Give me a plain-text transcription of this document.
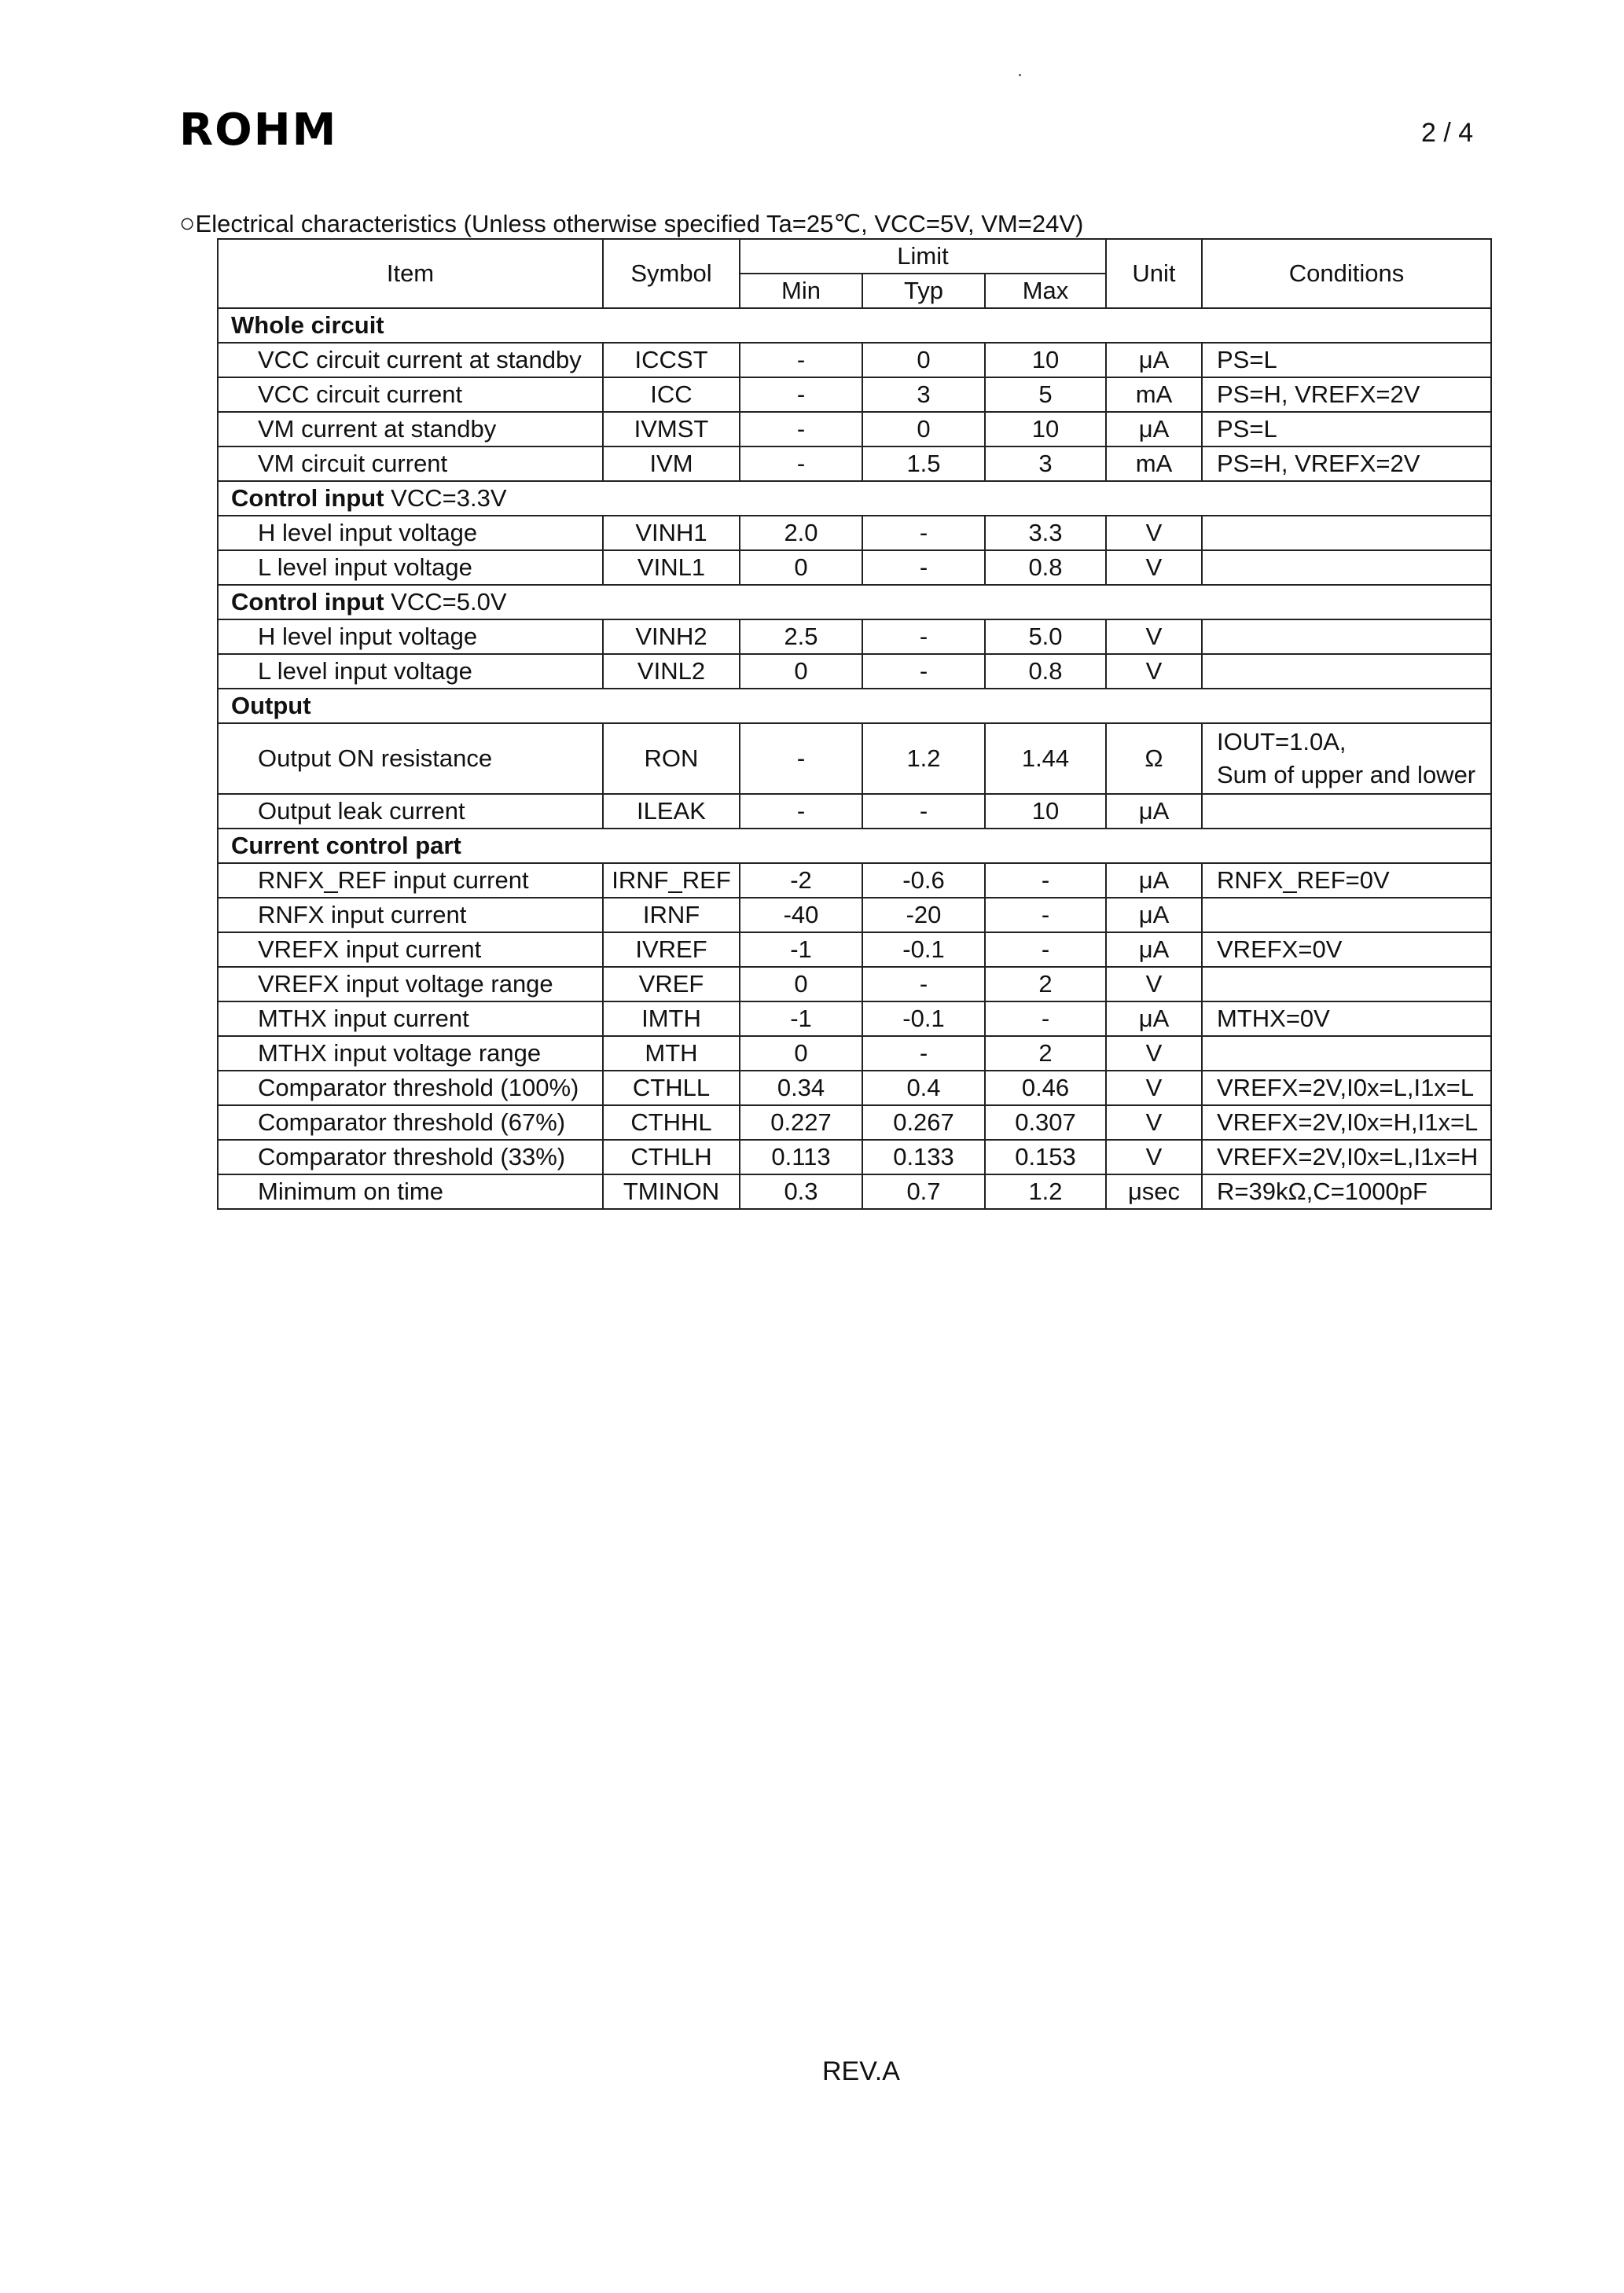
ROHM	2 / 4
○Electrical characteristics (Unless otherwise specified Ta=25℃, VCC=5V, VM=24V)
Item	Symbol	Limit			Unit	Conditions
		Min	Typ	Max		
Whole circuit						
VCC circuit current at standby	ICCST	-	0	10	μA	PS=L
VCC circuit current	ICC	-	3	5	mA	PS=H, VREFX=2V
VM current at standby	IVMST	-	0	10	μA	PS=L
VM circuit current	IVM	-	1.5	3	mA	PS=H, VREFX=2V
Control input VCC=3.3V						
H level input voltage	VINH1	2.0	-	3.3	V	
L level input voltage	VINL1	0	-	0.8	V	
Control input VCC=5.0V						
H level input voltage	VINH2	2.5	-	5.0	V	
L level input voltage	VINL2	0	-	0.8	V	
Output						
Output ON resistance	RON	-	1.2	1.44	Ω	IOUT=1.0A,
Sum of upper and lower

Output leak current	ILEAK	-	-	10	μA	
Current control part						
RNFX_REF input current	IRNF_REF	-2	-0.6	-	μA	RNFX_REF=0V
RNFX input current	IRNF	-40	-20	-	μA	
VREFX input current	IVREF	-1	-0.1	-	μA	VREFX=0V
VREFX input voltage range	VREF	0	-	2	V	
MTHX input current	IMTH	-1	-0.1	-	μA	MTHX=0V
MTHX input voltage range	MTH	0	-	2	V	
Comparator threshold (100%)	CTHLL	0.34	0.4	0.46	V	VREFX=2V,I0x=L,I1x=L
Comparator threshold (67%)	CTHHL	0.227	0.267	0.307	V	VREFX=2V,I0x=H,I1x=L
Comparator threshold (33%)	CTHLH	0.113	0.133	0.153	V	VREFX=2V,I0x=L,I1x=H
Minimum on time	TMINON	0.3	0.7	1.2	μsec	R=39kΩ,C=1000pF
REV.A
